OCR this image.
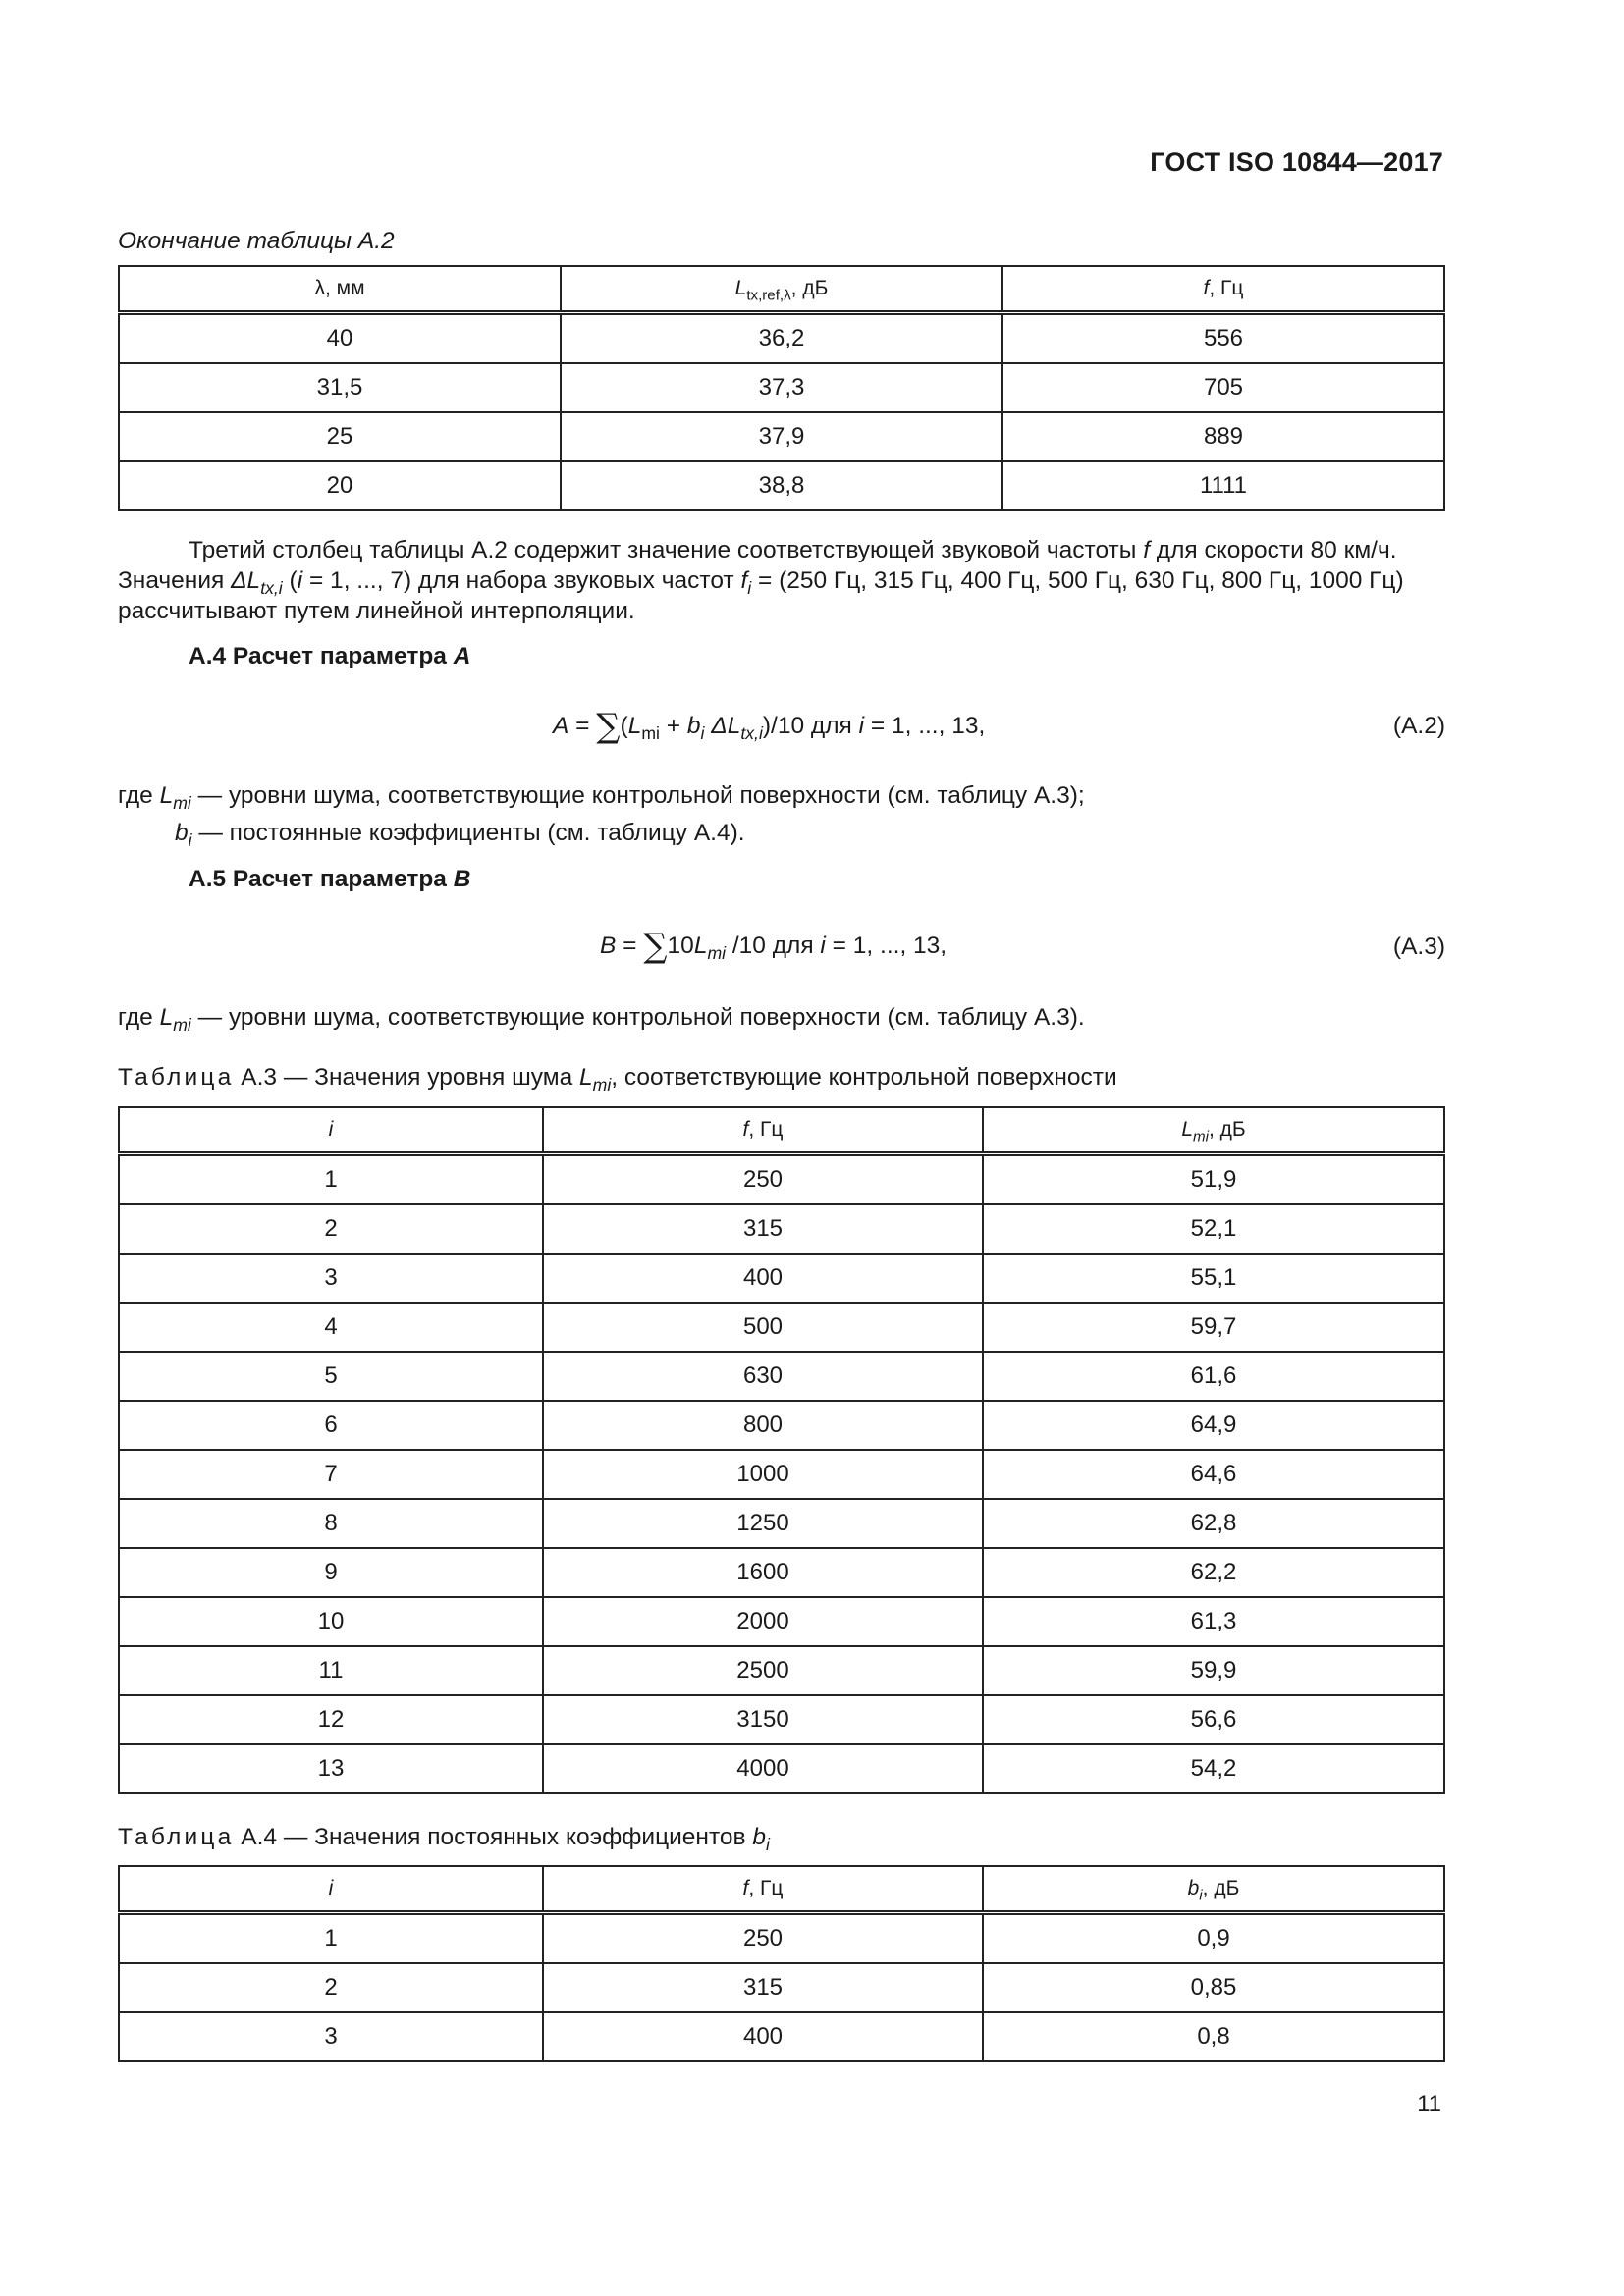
ГОСТ ISO 10844—2017
Окончание таблицы А.2
λ, мм	$L_{tx,ref,\lambda}$, дБ	f, Гц
40	36,2	556
31,5	37,3	705
25	37,9	889
20	38,8	1111
Третий столбец таблицы А.2 содержит значение соответствующей звуковой частоты f для скорости 80 км/ч.
Значения $\Delta L_{tx,i}$ (i = 1, ..., 7) для набора звуковых частот $f_i = (250$ Гц, 315 Гц, 400 Гц, 500 Гц, 630 Гц, 800 Гц, 1000 Гц)
рассчитывают путем линейной интерполяции.
А.4 Расчет параметра A
$A = \sum(L_{mi} + b_i$ $\Delta L_{tx,i})/10$ для i = 1, ..., 13,	(А.2)
где $L_{mi}$ — уровни шума, соответствующие контрольной поверхности (см. таблицу А.3);
$b_i$ — постоянные коэффициенты (см. таблицу А.4).
А.5 Расчет параметра B
$B = \sum 10L_{mi}$ /10 для i = 1, ..., 13,	(А.3)
где $L_{mi}$ — уровни шума, соответствующие контрольной поверхности (см. таблицу А.3).
Таблица А.3 — Значения уровня шума $L_{mi}$, соответствующие контрольной поверхности
i	f, Гц	$L_{mi}$, дБ
1	250	51,9
2	315	52,1
3	400	55,1
4	500	59,7
5	630	61,6
6	800	64,9
7	1000	64,6
8	1250	62,8
9	1600	62,2
10	2000	61,3
11	2500	59,9
12	3150	56,6
13	4000	54,2
Таблица А.4 — Значения постоянных коэффициентов $b_i$
i	f, Гц	$b_i$, дБ
1	250	0,9
2	315	0,85
3	400	0,8
11
